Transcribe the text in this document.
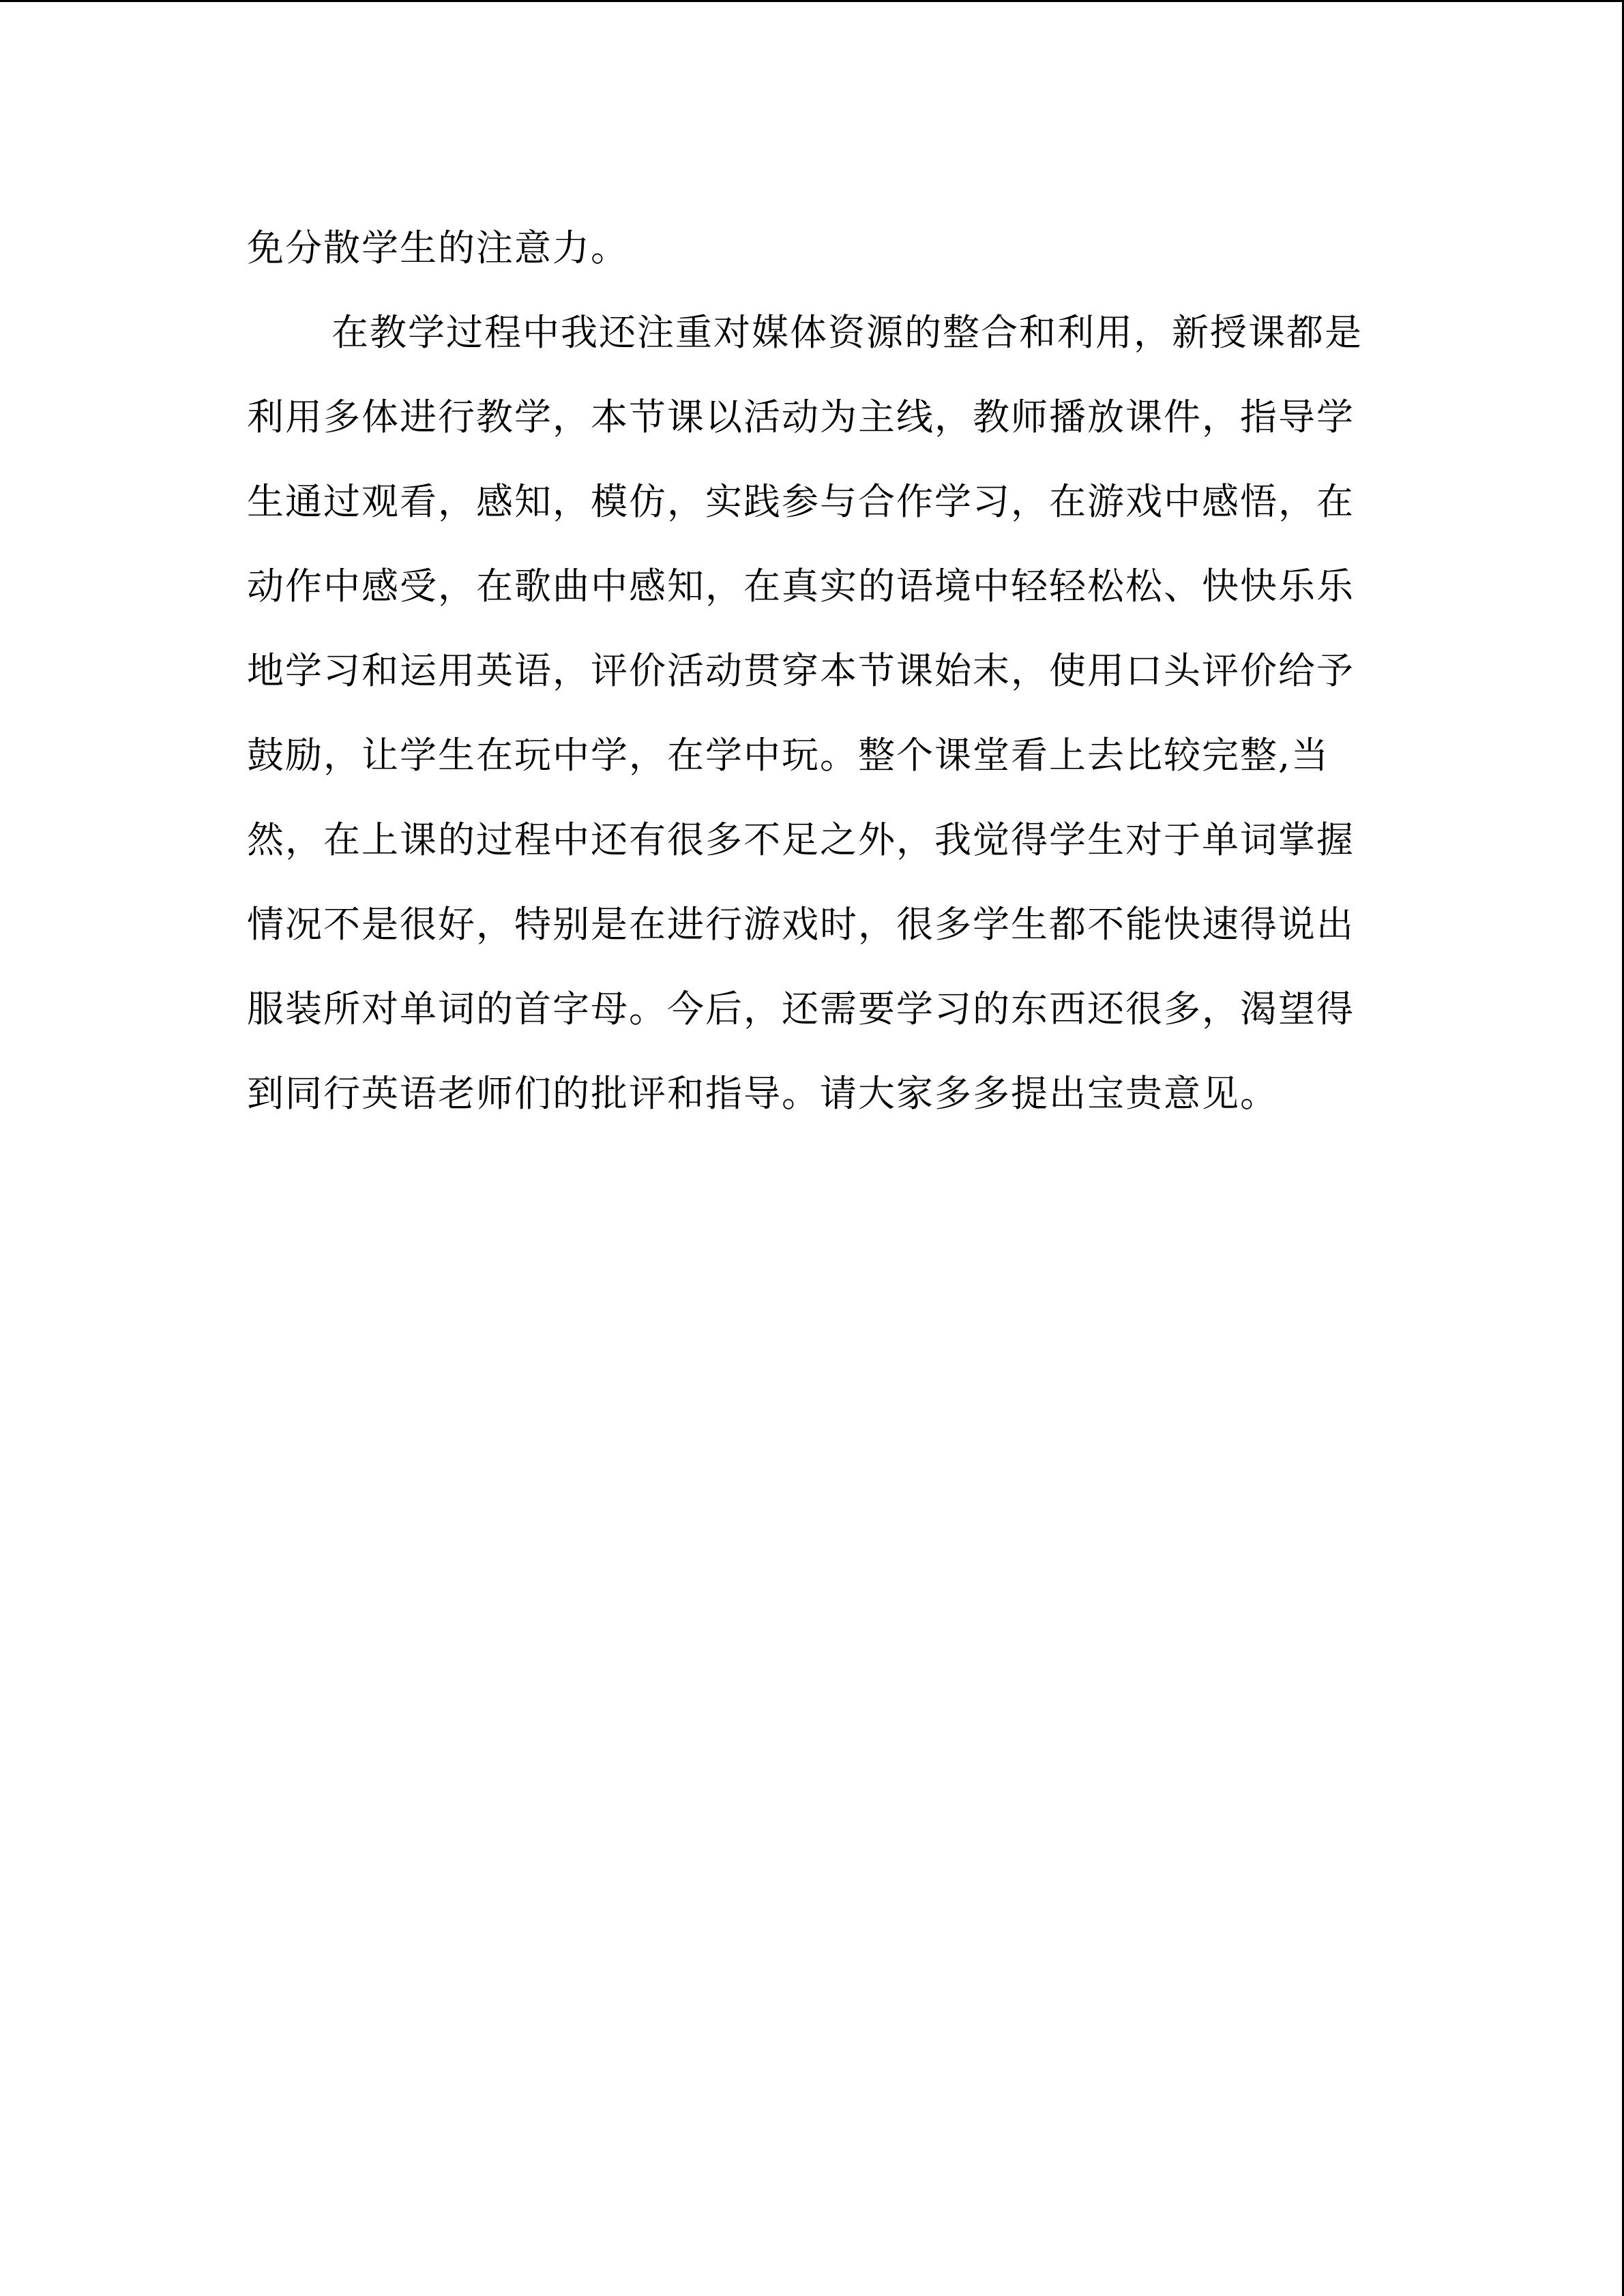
免分散学生的注意力。
在教学过程中我还注重对媒体资源的整合和利用，新授课都是
利用多体进行教学，本节课以活动为主线，教师播放课件，指导学
生通过观看，感知，模仿，实践参与合作学习，在游戏中感悟，在
动作中感受，在歌曲中感知，在真实的语境中轻轻松松、快快乐乐
地学习和运用英语，评价活动贯穿本节课始末，使用口头评价给予
鼓励，让学生在玩中学，在学中玩。整个课堂看上去比较完整,当
然，在上课的过程中还有很多不足之外，我觉得学生对于单词掌握
情况不是很好，特别是在进行游戏时，很多学生都不能快速得说出
服装所对单词的首字母。今后，还需要学习的东西还很多，渴望得
到同行英语老师们的批评和指导。请大家多多提出宝贵意见。
